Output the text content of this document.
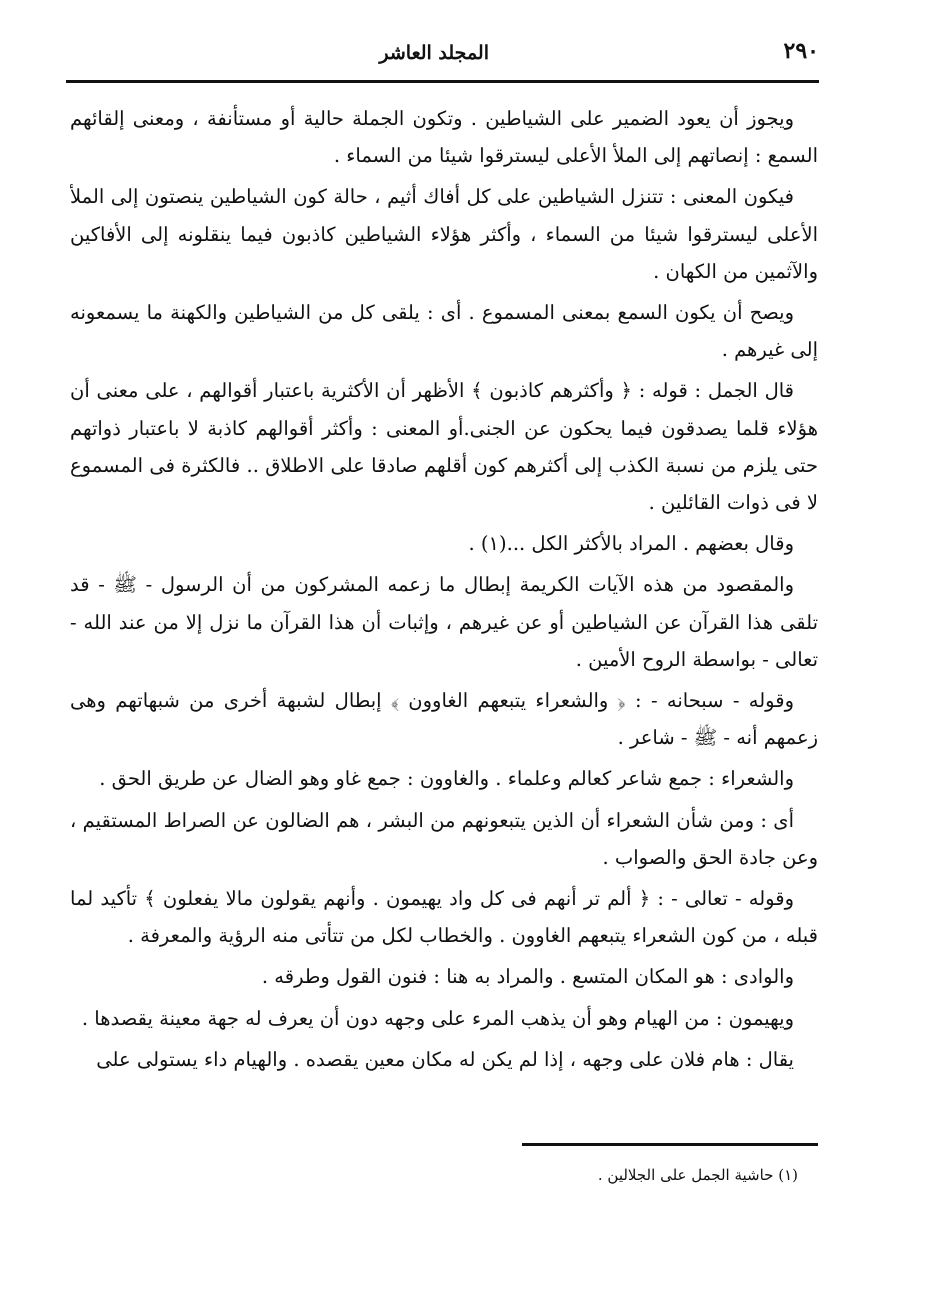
٢٩٠
المجلد العاشر

ويجوز أن يعود الضمير على الشياطين . وتكون الجملة حالية أو مستأنفة ، ومعنى إلقائهم السمع : إنصاتهم إلى الملأ الأعلى ليسترقوا شيئا من السماء .

فيكون المعنى : تتنزل الشياطين على كل أفاك أثيم ، حالة كون الشياطين ينصتون إلى الملأ الأعلى ليسترقوا شيئا من السماء ، وأكثر هؤلاء الشياطين كاذبون فيما ينقلونه إلى الأفاكين والآثمين من الكهان .

ويصح أن يكون السمع بمعنى المسموع . أى : يلقى كل من الشياطين والكهنة ما يسمعونه إلى غيرهم .

قال الجمل : قوله : ﴿ وأكثرهم كاذبون ﴾ الأظهر أن الأكثرية باعتبار أقوالهم ، على معنى أن هؤلاء قلما يصدقون فيما يحكون عن الجنى.أو المعنى : وأكثر أقوالهم كاذبة لا باعتبار ذواتهم حتى يلزم من نسبة الكذب إلى أكثرهم كون أقلهم صادقا على الاطلاق .. فالكثرة فى المسموع لا فى ذوات القائلين .

وقال بعضهم . المراد بالأكثر الكل ...(١) .

والمقصود من هذه الآيات الكريمة إبطال ما زعمه المشركون من أن الرسول - ﷺ - قد تلقى هذا القرآن عن الشياطين أو عن غيرهم ، وإثبات أن هذا القرآن ما نزل إلا من عند الله - تعالى - بواسطة الروح الأمين .

وقوله - سبحانه - : ﴿ والشعراء يتبعهم الغاوون ﴾ إبطال لشبهة أخرى من شبهاتهم وهى زعمهم أنه - ﷺ - شاعر .

والشعراء : جمع شاعر كعالم وعلماء . والغاوون : جمع غاو وهو الضال عن طريق الحق .

أى : ومن شأن الشعراء أن الذين يتبعونهم من البشر ، هم الضالون عن الصراط المستقيم ، وعن جادة الحق والصواب .

وقوله - تعالى - : ﴿ ألم تر أنهم فى كل واد يهيمون . وأنهم يقولون مالا يفعلون ﴾ تأكيد لما قبله ، من كون الشعراء يتبعهم الغاوون . والخطاب لكل من تتأتى منه الرؤية والمعرفة .

والوادى : هو المكان المتسع . والمراد به هنا : فنون القول وطرقه .

ويهيمون : من الهيام وهو أن يذهب المرء على وجهه دون أن يعرف له جهة معينة يقصدها .

يقال : هام فلان على وجهه ، إذا لم يكن له مكان معين يقصده . والهيام داء يستولى على

(١) حاشية الجمل على الجلالين .
